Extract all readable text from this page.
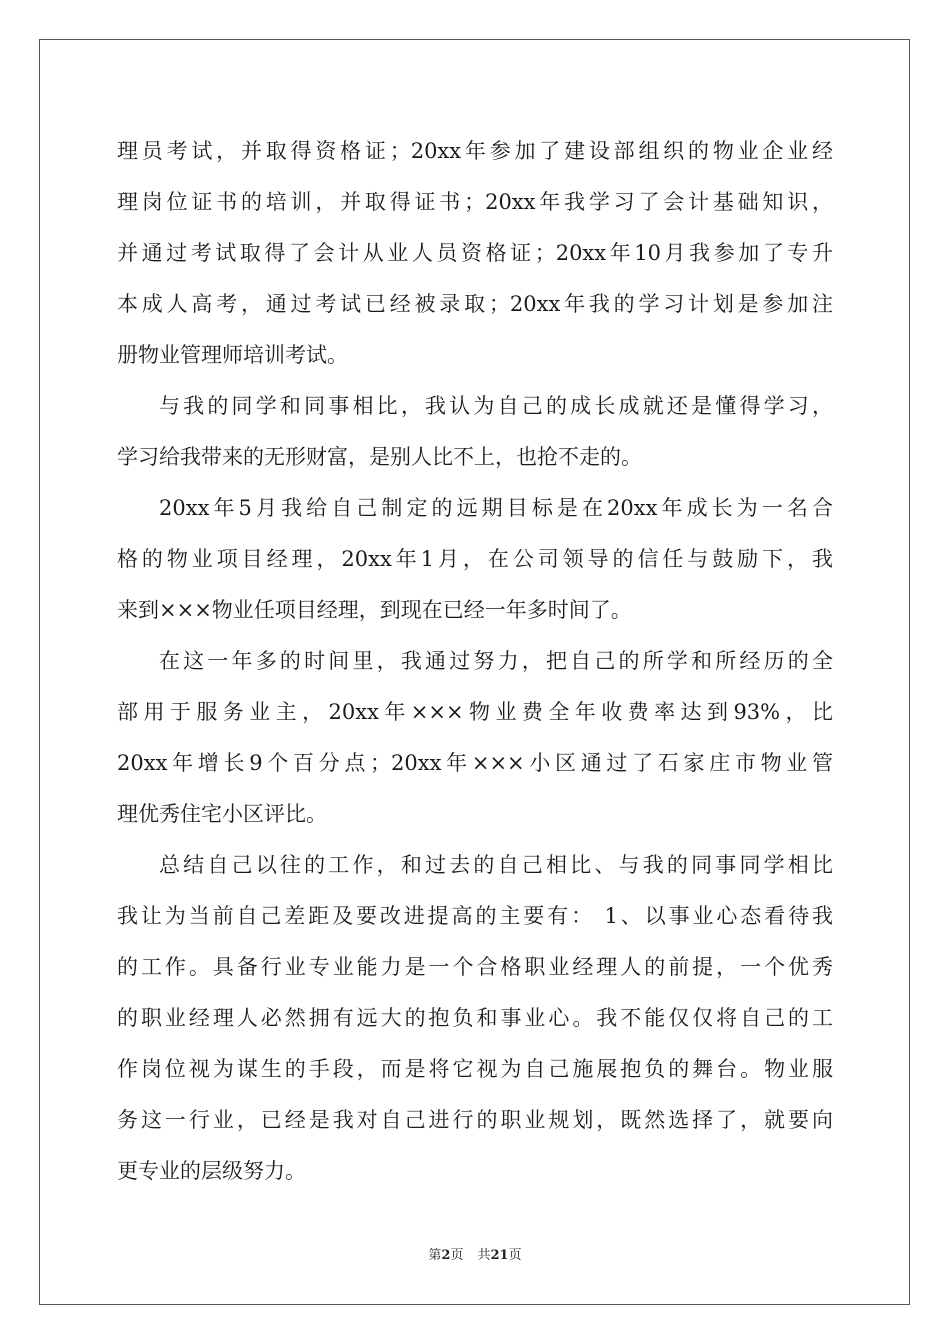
理员考试，并取得资格证；20xx年参加了建设部组织的物业企业经
理岗位证书的培训，并取得证书；20xx年我学习了会计基础知识，
并通过考试取得了会计从业人员资格证；20xx年10月我参加了专升
本成人高考，通过考试已经被录取；20xx年我的学习计划是参加注
册物业管理师培训考试。
与我的同学和同事相比，我认为自己的成长成就还是懂得学习，
学习给我带来的无形财富，是别人比不上，也抢不走的。
20xx年5月我给自己制定的远期目标是在20xx年成长为一名合
格的物业项目经理，20xx年1月，在公司领导的信任与鼓励下，我
来到×××物业任项目经理，到现在已经一年多时间了。
在这一年多的时间里，我通过努力，把自己的所学和所经历的全
部用于服务业主，20xx年×××物业费全年收费率达到93%，比
20xx年增长9个百分点；20xx年×××小区通过了石家庄市物业管
理优秀住宅小区评比。
总结自己以往的工作，和过去的自己相比、与我的同事同学相比
我让为当前自己差距及要改进提高的主要有： 1、以事业心态看待我
的工作。具备行业专业能力是一个合格职业经理人的前提，一个优秀
的职业经理人必然拥有远大的抱负和事业心。我不能仅仅将自己的工
作岗位视为谋生的手段，而是将它视为自己施展抱负的舞台。物业服
务这一行业，已经是我对自己进行的职业规划，既然选择了，就要向
更专业的层级努力。
第2页 共21页
